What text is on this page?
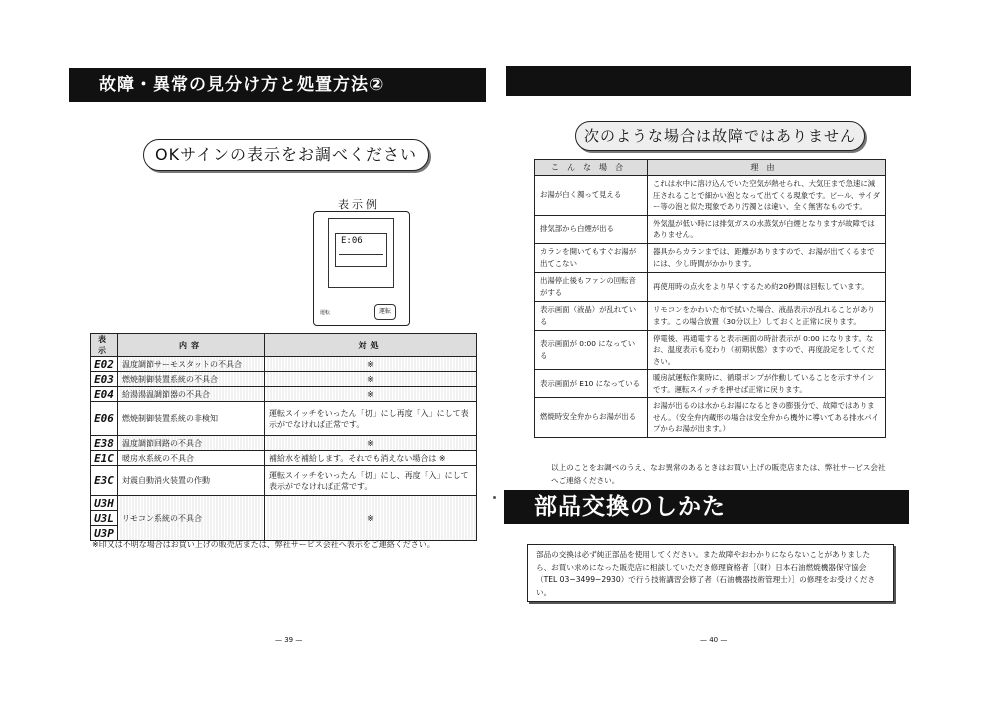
故障・異常の見分け方と処置方法②
OKサインの表示をお調べください
表示例
E:06
運転	運転
表示	内容	対処
E02	温度調節サーモスタットの不具合	※
E03	燃焼制御装置系統の不具合	※
E04	給湯湯温調節器の不具合	※
E06	燃焼制御装置系統の非検知	運転スイッチをいったん「切」にし再度「入」にして表示がでなければ正常です。
E38	温度調節回路の不具合	※
E1C	暖房水系統の不具合	補給水を補給します。それでも消えない場合は ※
E3C	対震自動消火装置の作動	運転スイッチをいったん「切」にし、再度「入」にして表示がでなければ正常です。
U3H	リモコン系統の不具合	※
U3L		
U3P		
※印又は不明な場合はお買い上げの販売店または、弊社サービス会社へ表示をご連絡ください。
— 39 —
次のような場合は故障ではありません
こんな場合	理由
お湯が白く濁って見える	これは水中に溶け込んでいた空気が熱せられ、大気圧まで急速に減圧されることで細かい泡となって出てくる現象です。ビール、サイダー等の泡と似た現象であり汚濁とは違い、全く無害なものです。
排気部から白煙が出る	外気温が低い時には排気ガスの水蒸気が白煙となりますが故障ではありません。
カランを開いてもすぐお湯が出てこない	器具からカランまでは、距離がありますので、お湯が出てくるまでには、少し時間がかかります。
出湯停止後もファンの回転音がする	再使用時の点火をより早くするため約20秒間は回転しています。
表示画面（液晶）が乱れている	リモコンをかわいた布で拭いた場合、液晶表示が乱れることがあります。この場合放置（30分以上）しておくと正常に戻ります。
表示画面が 0:00 になっている	停電後、再通電すると表示画面の時計表示が 0:00 になります。なお、温度表示も変わり（初期状態）ますので、再度設定をしてください。
表示画面が E10 になっている	暖房試運転作業時に、循環ポンプが作動していることを示すサインです。運転スイッチを押せば正常に戻ります。
燃焼時安全弁からお湯が出る	お湯が出るのは水からお湯になるときの膨張分で、故障ではありません。（安全弁内蔵形の場合は安全弁から機外に導いてある排水パイプからお湯が出ます。）
以上のことをお調べのうえ、なお異常のあるときはお買い上げの販売店または、弊社サービス会社へご連絡ください。
部品交換のしかた
部品の交換は必ず純正部品を使用してください。また故障やおわかりにならないことがありましたら、お買い求めになった販売店に相談していただき修理資格者［（財）日本石油燃焼機器保守協会（TEL 03−3499−2930）で行う技術講習会修了者（石油機器技術管理士）］の修理をお受けください。
— 40 —
